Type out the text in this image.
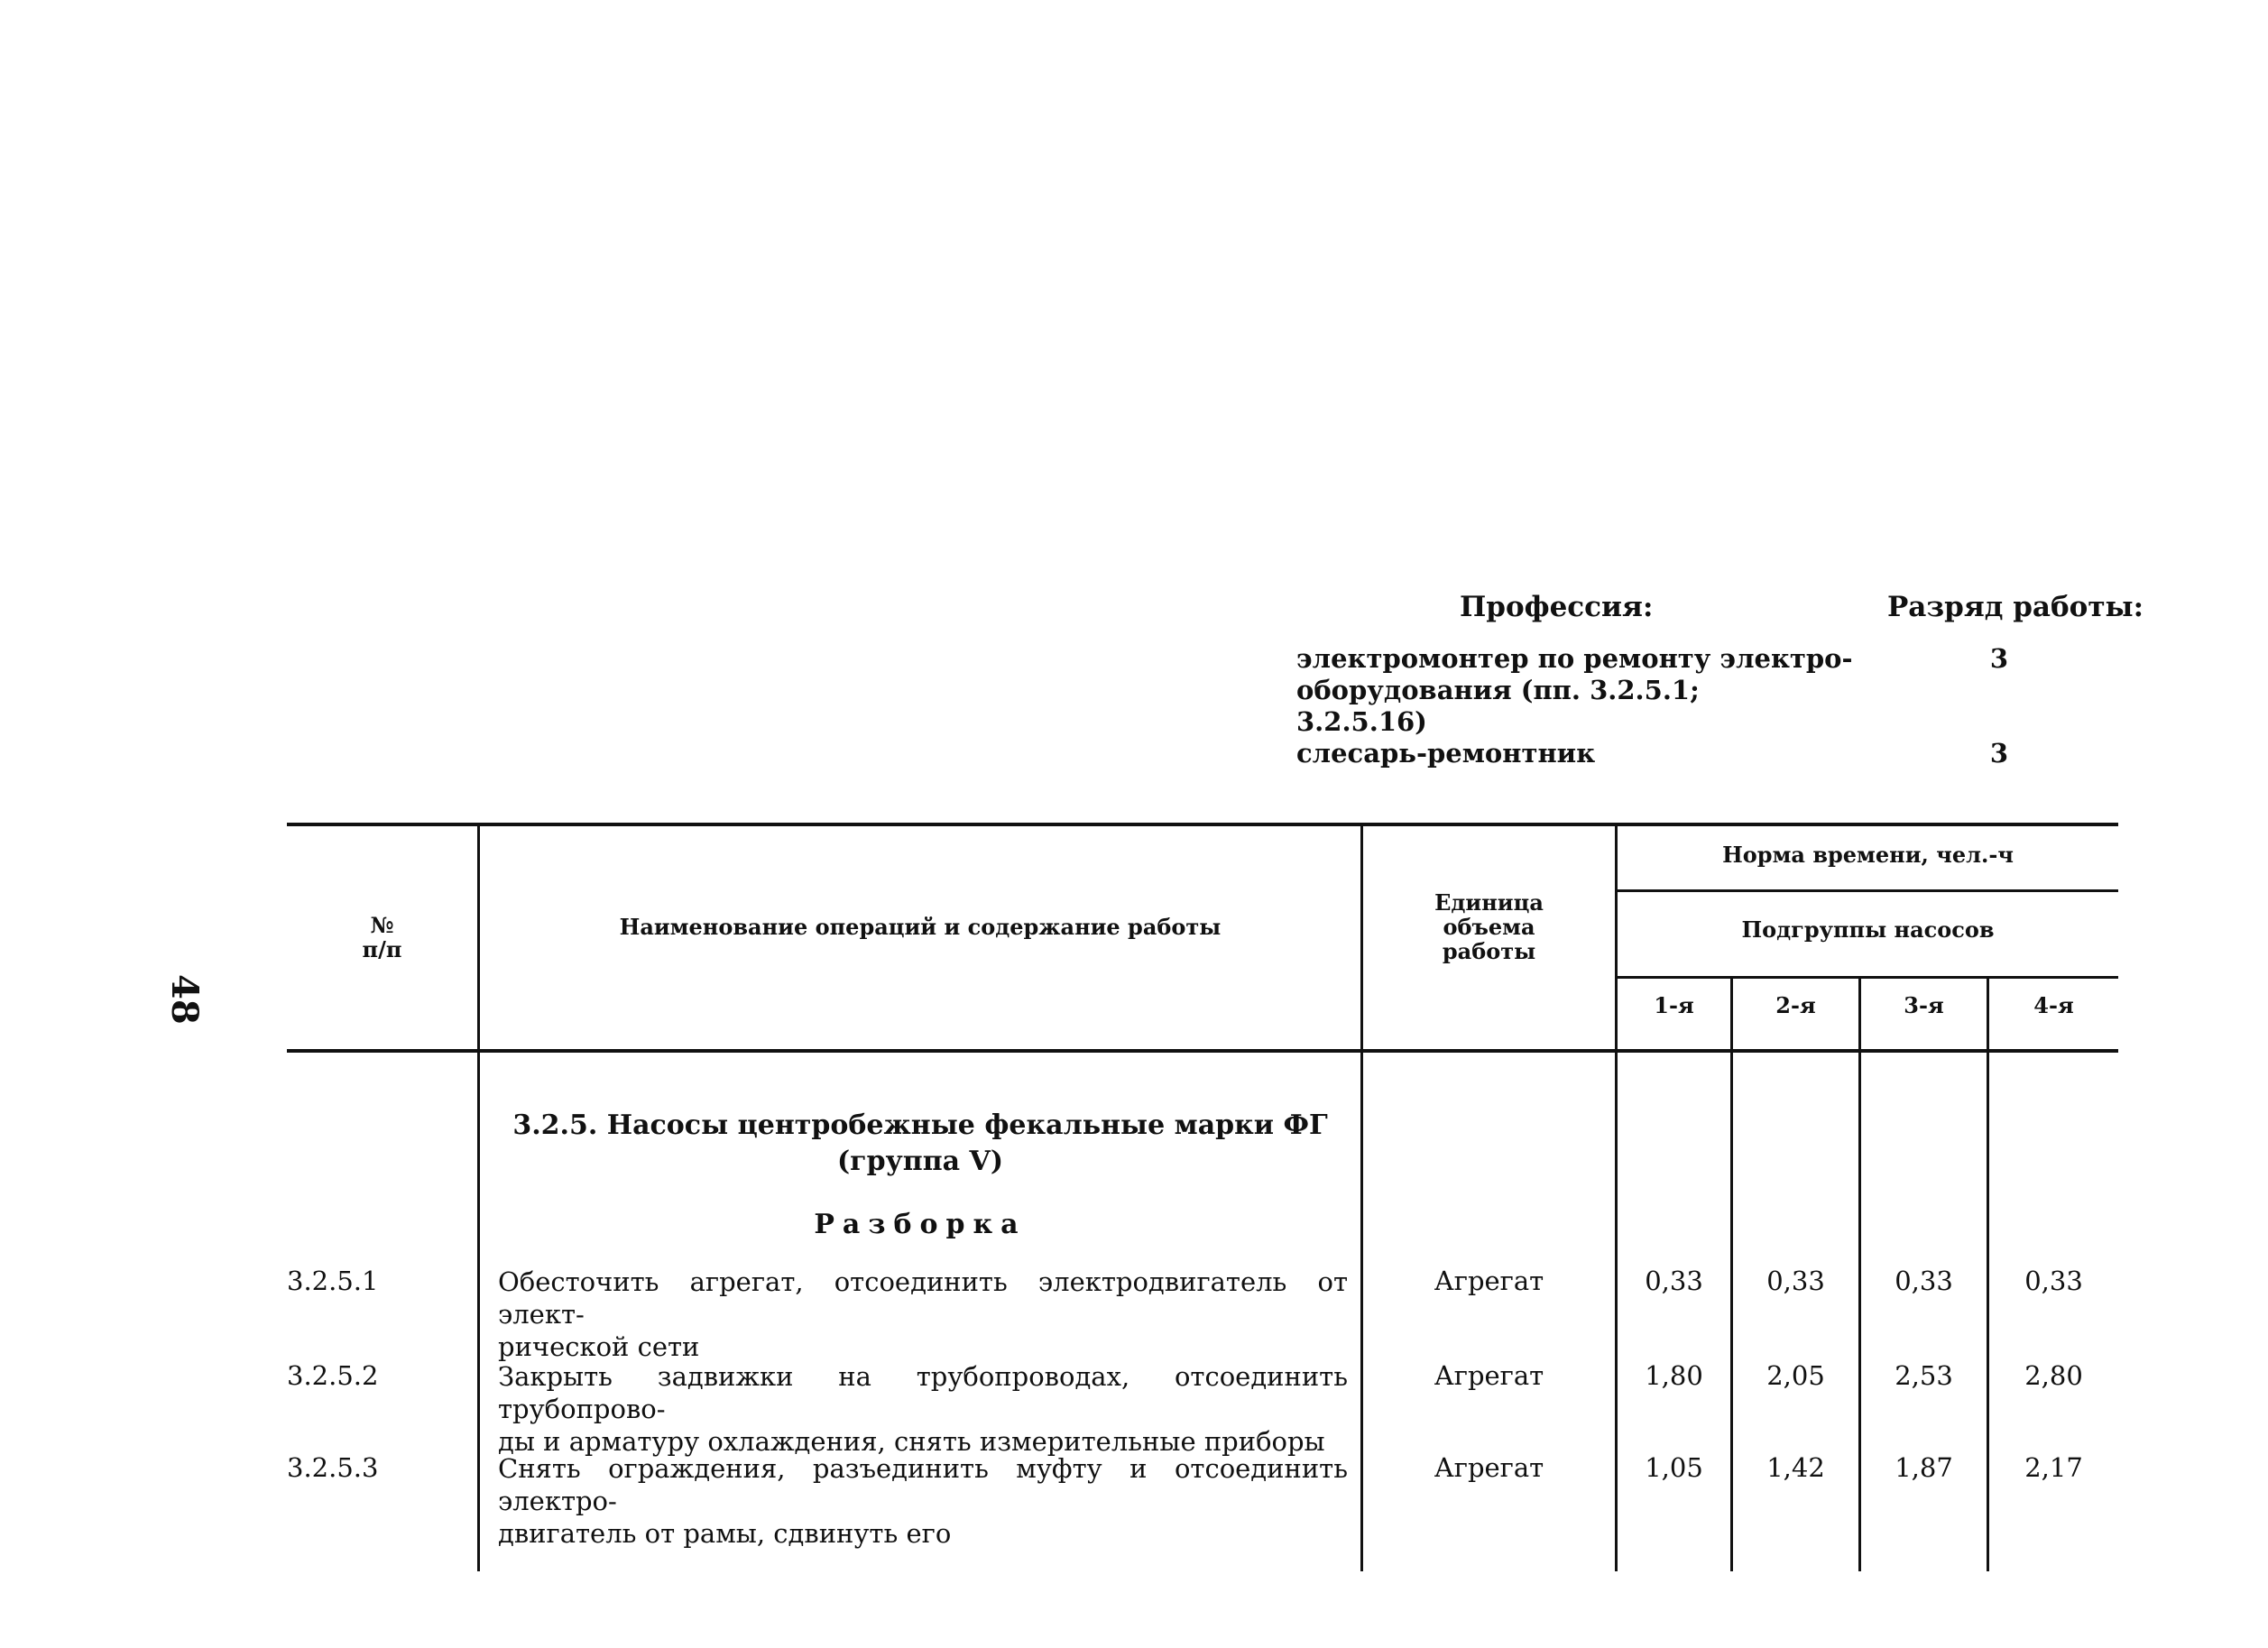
48
Профессия:	Разряд работы:
электромонтер по ремонту электро-
оборудования (пп. 3.2.5.1;
3.2.5.16)
3
слесарь-ремонтник	3
№
п/п
Наименование операций и содержание работы
Единица
объема
работы
Норма времени, чел.-ч
Подгруппы насосов
1-я	2-я	3-я	4-я
3.2.5. Насосы центробежные фекальные марки ФГ
(группа V)
Разборка
3.2.5.1	Обесточить агрегат, отсоединить электродвигатель от элект-
рической сети
Агрегат	0,33	0,33	0,33	0,33
3.2.5.2	Закрыть задвижки на трубопроводах, отсоединить трубопрово-
ды и арматуру охлаждения, снять измерительные приборы
Агрегат	1,80	2,05	2,53	2,80
3.2.5.3	Снять ограждения, разъединить муфту и отсоединить электро-
двигатель от рамы, сдвинуть его
Агрегат	1,05	1,42	1,87	2,17
